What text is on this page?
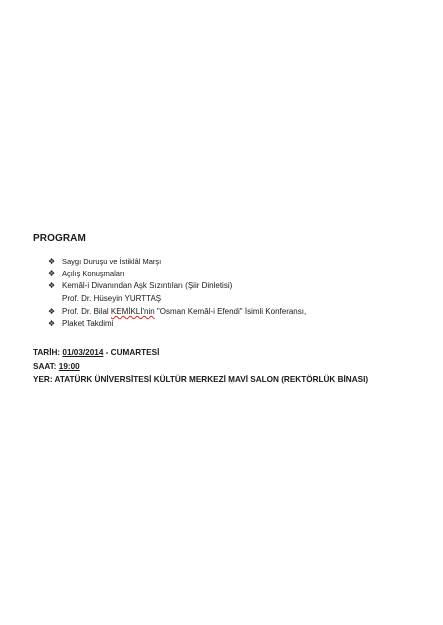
PROGRAM
❖ Saygı Duruşu ve İstiklâl Marşı
❖ Açılış Konuşmaları
❖ Kemâl-i Divanından Aşk Sızıntıları (Şiir Dinletisi)
Prof. Dr. Hüseyin YURTTAŞ
❖ Prof. Dr. Bilal KEMİKLİ'nin "Osman Kemâl-i Efendi" İsimli Konferansı,
❖ Plaket Takdimi
TARİH: 01/03/2014 - CUMARTESİ
SAAT: 19:00
YER: ATATÜRK ÜNİVERSİTESİ KÜLTÜR MERKEZİ MAVİ SALON (REKTÖRLÜK BİNASI)
